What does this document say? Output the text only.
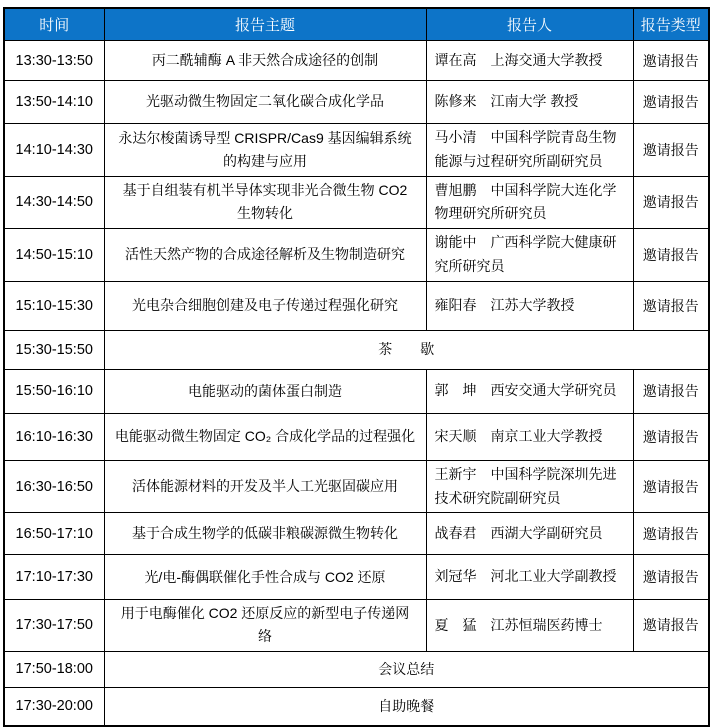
时间	报告主题	报告人	报告类型
13:30-13:50	丙二酰辅酶 A 非天然合成途径的创制	谭在高　上海交通大学教授	邀请报告
13:50-14:10	光驱动微生物固定二氧化碳合成化学品	陈修来　江南大学 教授	邀请报告
14:10-14:30	永达尔梭菌诱导型 CRISPR/Cas9 基因编辑系统的构建与应用	马小清　中国科学院青岛生物能源与过程研究所副研究员	邀请报告
14:30-14:50	基于自组装有机半导体实现非光合微生物 CO2 生物转化	曹旭鹏　中国科学院大连化学物理研究所研究员	邀请报告
14:50-15:10	活性天然产物的合成途径解析及生物制造研究	谢能中　广西科学院大健康研究所研究员	邀请报告
15:10-15:30	光电杂合细胞创建及电子传递过程强化研究	雍阳春　江苏大学教授	邀请报告
15:30-15:50	茶　　歇		
15:50-16:10	电能驱动的菌体蛋白制造	郭　坤　西安交通大学研究员	邀请报告
16:10-16:30	电能驱动微生物固定 CO₂ 合成化学品的过程强化	宋天顺　南京工业大学教授	邀请报告
16:30-16:50	活体能源材料的开发及半人工光驱固碳应用	王新宇　中国科学院深圳先进技术研究院副研究员	邀请报告
16:50-17:10	基于合成生物学的低碳非粮碳源微生物转化	战春君　西湖大学副研究员	邀请报告
17:10-17:30	光/电-酶偶联催化手性合成与 CO2 还原	刘冠华　河北工业大学副教授	邀请报告
17:30-17:50	用于电酶催化 CO2 还原反应的新型电子传递网络	夏　猛　江苏恒瑞医药博士	邀请报告
17:50-18:00	会议总结		
17:30-20:00	自助晚餐		
